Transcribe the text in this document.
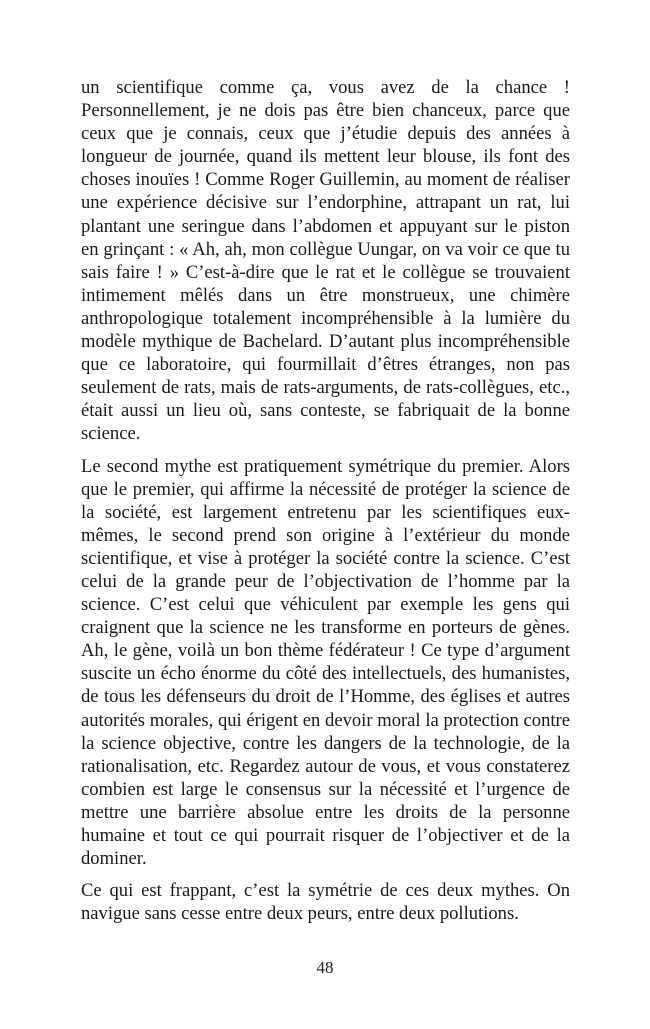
un scientifique comme ça, vous avez de la chance ! Personnellement, je ne dois pas être bien chanceux, parce que ceux que je connais, ceux que j’étudie depuis des années à longueur de journée, quand ils mettent leur blouse, ils font des choses inouïes ! Comme Roger Guillemin, au moment de réaliser une expérience décisive sur l’endorphine, attrapant un rat, lui plantant une seringue dans l’abdomen et appuyant sur le piston en grinçant : « Ah, ah, mon collègue Uungar, on va voir ce que tu sais faire ! » C’est-à-dire que le rat et le collègue se trouvaient intimement mêlés dans un être monstrueux, une chimère anthropologique totalement incompréhensible à la lumière du modèle mythique de Bachelard. D’autant plus incompréhensible que ce laboratoire, qui fourmillait d’êtres étranges, non pas seulement de rats, mais de rats-arguments, de rats-collègues, etc., était aussi un lieu où, sans conteste, se fabriquait de la bonne science.

Le second mythe est pratiquement symétrique du premier. Alors que le premier, qui affirme la nécessité de protéger la science de la société, est largement entretenu par les scientifiques eux-mêmes, le second prend son origine à l’extérieur du monde scientifique, et vise à protéger la société contre la science. C’est celui de la grande peur de l’objectivation de l’homme par la science. C’est celui que véhiculent par exemple les gens qui craignent que la science ne les transforme en porteurs de gènes. Ah, le gène, voilà un bon thème fédérateur ! Ce type d’argument suscite un écho énorme du côté des intellectuels, des humanistes, de tous les défenseurs du droit de l’Homme, des églises et autres autorités morales, qui érigent en devoir moral la protection contre la science objective, contre les dangers de la technologie, de la rationalisation, etc. Regardez autour de vous, et vous constaterez combien est large le consensus sur la nécessité et l’urgence de mettre une barrière absolue entre les droits de la personne humaine et tout ce qui pourrait risquer de l’objectiver et de la dominer.

Ce qui est frappant, c’est la symétrie de ces deux mythes. On navigue sans cesse entre deux peurs, entre deux pollutions.

48
